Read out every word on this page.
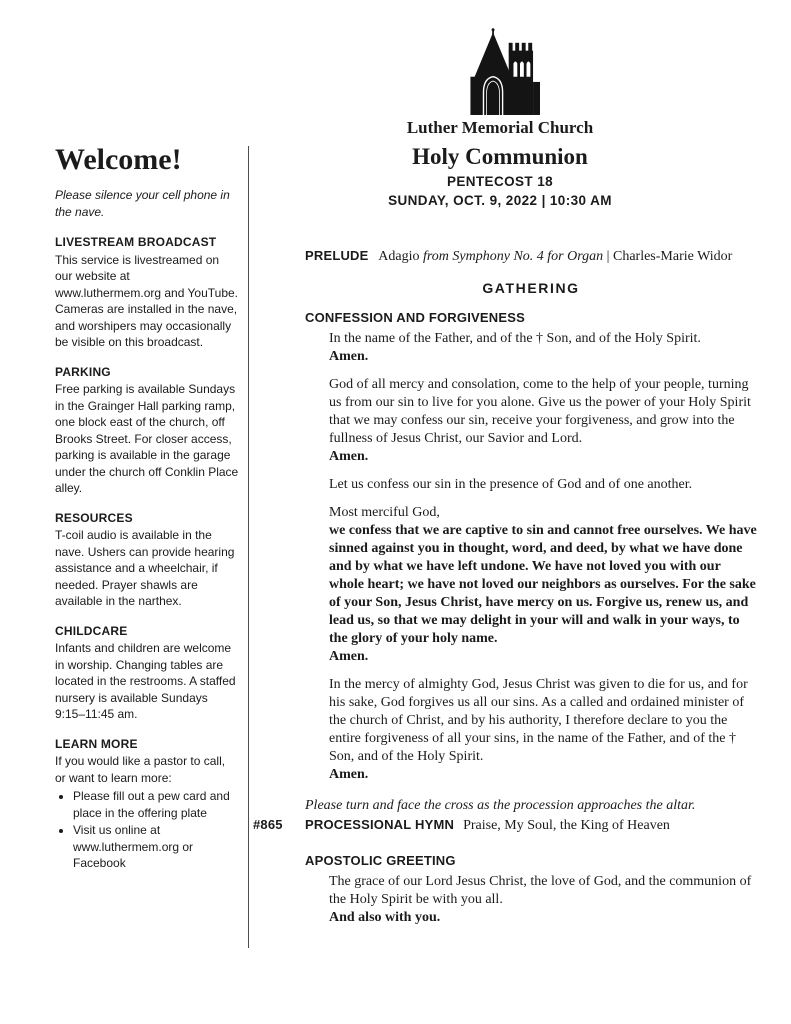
Luther Memorial Church
Holy Communion
PENTECOST 18
SUNDAY, OCT. 9, 2022 | 10:30 AM
Welcome!

Please silence your cell phone in the nave.

LIVESTREAM BROADCAST

This service is livestreamed on our website at www.luthermem.org and YouTube. Cameras are installed in the nave, and worshipers may occasionally be visible on this broadcast.

PARKING

Free parking is available Sundays in the Grainger Hall parking ramp, one block east of the church, off Brooks Street. For closer access, parking is available in the garage under the church off Conklin Place alley.

RESOURCES

T-coil audio is available in the nave. Ushers can provide hearing assistance and a wheelchair, if needed. Prayer shawls are available in the narthex.

CHILDCARE

Infants and children are welcome in worship. Changing tables are located in the restrooms. A staffed nursery is available Sundays 9:15–11:45 am.

LEARN MORE

If you would like a pastor to call, or want to learn more:

• Please fill out a pew card and place in the offering plate
• Visit us online at www.luthermem.org or Facebook

PRELUDE Adagio from Symphony No. 4 for Organ | Charles-Marie Widor

GATHERING
CONFESSION AND FORGIVENESS
In the name of the Father, and of the † Son, and of the Holy Spirit.
Amen.
God of all mercy and consolation, come to the help of your people, turning us from our sin to live for you alone. Give us the power of your Holy Spirit that we may confess our sin, receive your forgiveness, and grow into the fullness of Jesus Christ, our Savior and Lord.
Amen.
Let us confess our sin in the presence of God and of one another.
Most merciful God,
we confess that we are captive to sin and cannot free ourselves. We have sinned against you in thought, word, and deed, by what we have done and by what we have left undone. We have not loved you with our whole heart; we have not loved our neighbors as ourselves. For the sake of your Son, Jesus Christ, have mercy on us. Forgive us, renew us, and lead us, so that we may delight in your will and walk in your ways, to the glory of your holy name.
Amen.
In the mercy of almighty God, Jesus Christ was given to die for us, and for his sake, God forgives us all our sins. As a called and ordained minister of the church of Christ, and by his authority, I therefore declare to you the entire forgiveness of all your sins, in the name of the Father, and of the † Son, and of the Holy Spirit.
Amen.
Please turn and face the cross as the procession approaches the altar.
#865	PROCESSIONAL HYMN Praise, My Soul, the King of Heaven
APOSTOLIC GREETING
The grace of our Lord Jesus Christ, the love of God, and the communion of the Holy Spirit be with you all.
And also with you.
